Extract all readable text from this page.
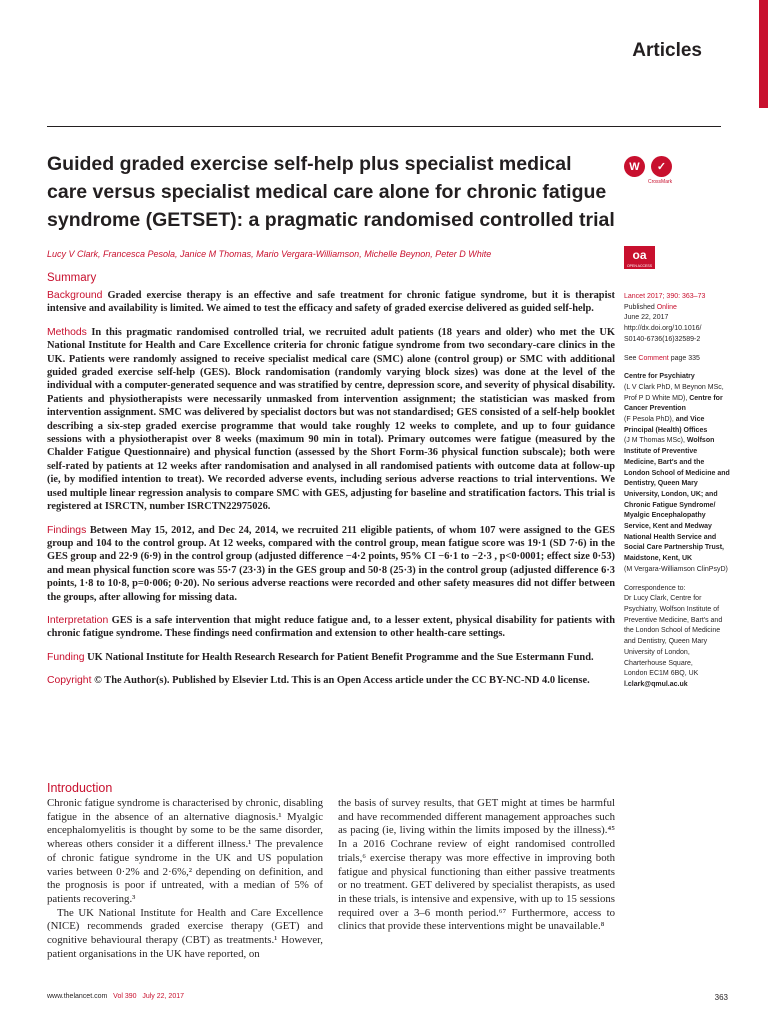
Articles
Guided graded exercise self-help plus specialist medical care versus specialist medical care alone for chronic fatigue syndrome (GETSET): a pragmatic randomised controlled trial
Lucy V Clark, Francesca Pesola, Janice M Thomas, Mario Vergara-Williamson, Michelle Beynon, Peter D White
W	✓
CrossMark
oa
OPEN ACCESS
Summary

Background Graded exercise therapy is an effective and safe treatment for chronic fatigue syndrome, but it is therapist intensive and availability is limited. We aimed to test the efficacy and safety of graded exercise delivered as guided self-help.

Methods In this pragmatic randomised controlled trial, we recruited adult patients (18 years and older) who met the UK National Institute for Health and Care Excellence criteria for chronic fatigue syndrome from two secondary-care clinics in the UK. Patients were randomly assigned to receive specialist medical care (SMC) alone (control group) or SMC with additional guided graded exercise self-help (GES). Block randomisation (randomly varying block sizes) was done at the level of the individual with a computer-generated sequence and was stratified by centre, depression score, and severity of physical disability. Patients and physiotherapists were necessarily unmasked from intervention assignment; the statistician was masked from intervention assignment. SMC was delivered by specialist doctors but was not standardised; GES consisted of a self-help booklet describing a six-step graded exercise programme that would take roughly 12 weeks to complete, and up to four guidance sessions with a physiotherapist over 8 weeks (maximum 90 min in total). Primary outcomes were fatigue (measured by the Chalder Fatigue Questionnaire) and physical function (assessed by the Short Form-36 physical function subscale); both were self-rated by patients at 12 weeks after randomisation and analysed in all randomised patients with outcome data at follow-up (ie, by modified intention to treat). We recorded adverse events, including serious adverse reactions to trial interventions. We used multiple linear regression analysis to compare SMC with GES, adjusting for baseline and stratification factors. This trial is registered at ISRCTN, number ISRCTN22975026.

Findings Between May 15, 2012, and Dec 24, 2014, we recruited 211 eligible patients, of whom 107 were assigned to the GES group and 104 to the control group. At 12 weeks, compared with the control group, mean fatigue score was 19·1 (SD 7·6) in the GES group and 22·9 (6·9) in the control group (adjusted difference −4·2 points, 95% CI −6·1 to −2·3 , p<0·0001; effect size 0·53) and mean physical function score was 55·7 (23·3) in the GES group and 50·8 (25·3) in the control group (adjusted difference 6·3 points, 1·8 to 10·8, p=0·006; 0·20). No serious adverse reactions were recorded and other safety measures did not differ between the groups, after allowing for missing data.

Interpretation GES is a safe intervention that might reduce fatigue and, to a lesser extent, physical disability for patients with chronic fatigue syndrome. These findings need confirmation and extension to other health-care settings.

Funding UK National Institute for Health Research Research for Patient Benefit Programme and the Sue Estermann Fund.

Copyright © The Author(s). Published by Elsevier Ltd. This is an Open Access article under the CC BY-NC-ND 4.0 license.

Lancet 2017; 390: 363–73
Published Online
June 22, 2017
http://dx.doi.org/10.1016/
S0140-6736(16)32589-2
See Comment page 335
Centre for Psychiatry
(L V Clark PhD, M Beynon MSc,
Prof P D White MD), Centre for
Cancer Prevention
(F Pesola PhD), and Vice
Principal (Health) Offices
(J M Thomas MSc), Wolfson
Institute of Preventive
Medicine, Bart's and the
London School of Medicine and
Dentistry, Queen Mary
University, London, UK; and
Chronic Fatigue Syndrome/
Myalgic Encephalopathy
Service, Kent and Medway
National Health Service and
Social Care Partnership Trust,
Maidstone, Kent, UK
(M Vergara-Williamson ClinPsyD)
Correspondence to:
Dr Lucy Clark, Centre for
Psychiatry, Wolfson Institute of
Preventive Medicine, Bart's and
the London School of Medicine
and Dentistry, Queen Mary
University of London,
Charterhouse Square,
London EC1M 6BQ, UK
l.clark@qmul.ac.uk
Introduction

Chronic fatigue syndrome is characterised by chronic, disabling fatigue in the absence of an alternative diagnosis.¹ Myalgic encephalomyelitis is thought by some to be the same disorder, whereas others consider it a different illness.¹ The prevalence of chronic fatigue syndrome in the UK and US population varies between 0·2% and 2·6%,² depending on definition, and the prognosis is poor if untreated, with a median of 5% of patients recovering.³

The UK National Institute for Health and Care Excellence (NICE) recommends graded exercise therapy (GET) and cognitive behavioural therapy (CBT) as treatments.¹ However, patient organisations in the UK have reported, on

the basis of survey results, that GET might at times be harmful and have recommended different management approaches such as pacing (ie, living within the limits imposed by the illness).⁴⁵ In a 2016 Cochrane review of eight randomised controlled trials,⁶ exercise therapy was more effective in improving both fatigue and physical functioning than either passive treatments or no treatment. GET delivered by specialist therapists, as used in these trials, is intensive and expensive, with up to 15 sessions required over a 3–6 month period.⁶⁷ Furthermore, access to clinics that provide these interventions might be unavailable.⁸

www.thelancet.com Vol 390 July 22, 2017	363
